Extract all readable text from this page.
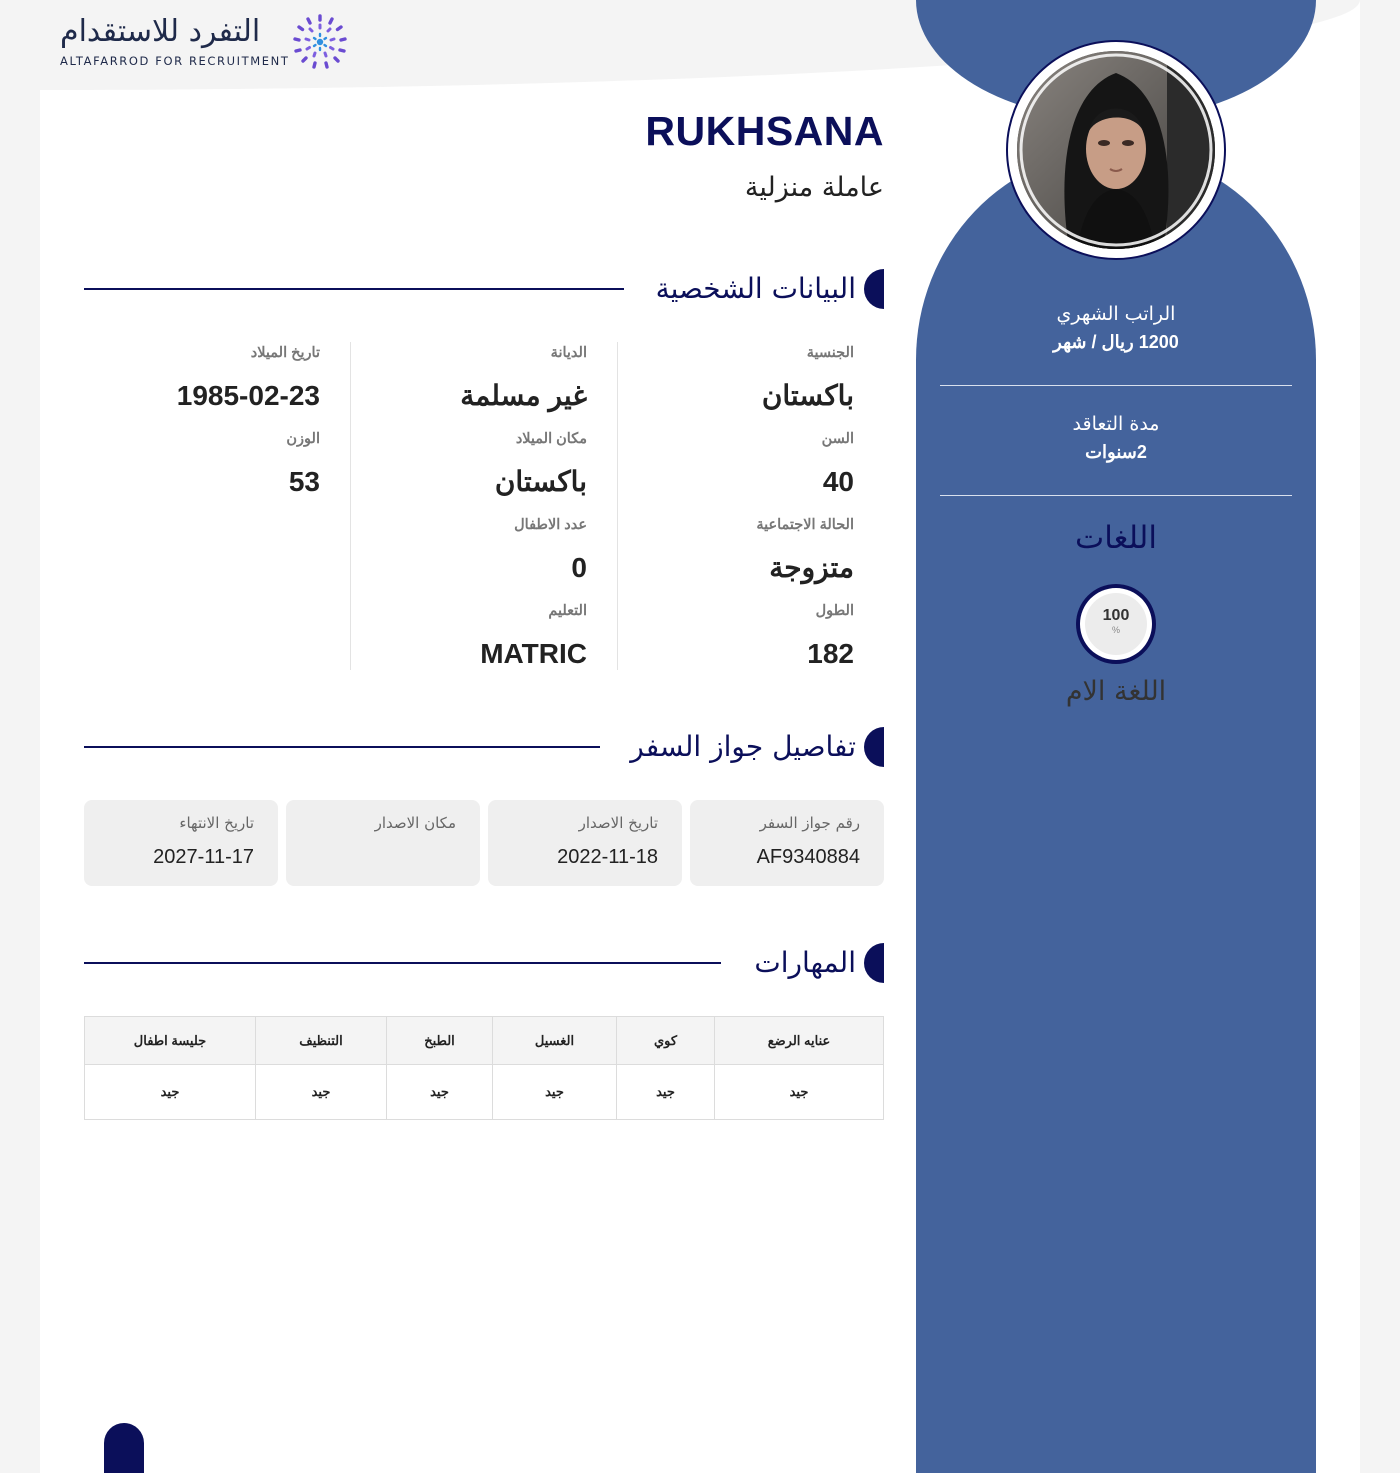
التفرد للاستقدام
ALTAFARROD FOR RECRUITMENT
الراتب الشهري
1200 ريال / شهر
مدة التعاقد
2سنوات
اللغات
100
%
اللغة الام
RUKHSANA
عاملة منزلية
البيانات الشخصية
الجنسية
باكستان
السن
40
الحالة الاجتماعية
متزوجة
الطول
182
الديانة
غير مسلمة
مكان الميلاد
باكستان
عدد الاطفال
0
التعليم
MATRIC
تاريخ الميلاد
1985-02-23
الوزن
53
تفاصيل جواز السفر
رقم جواز السفر
AF9340884
تاريخ الاصدار
2022-11-18
مكان الاصدار
تاريخ الانتهاء
2027-11-17
المهارات
عنايه الرضع	كوي	الغسيل	الطبخ	التنظيف	جليسة اطفال
جيد	جيد	جيد	جيد	جيد	جيد
